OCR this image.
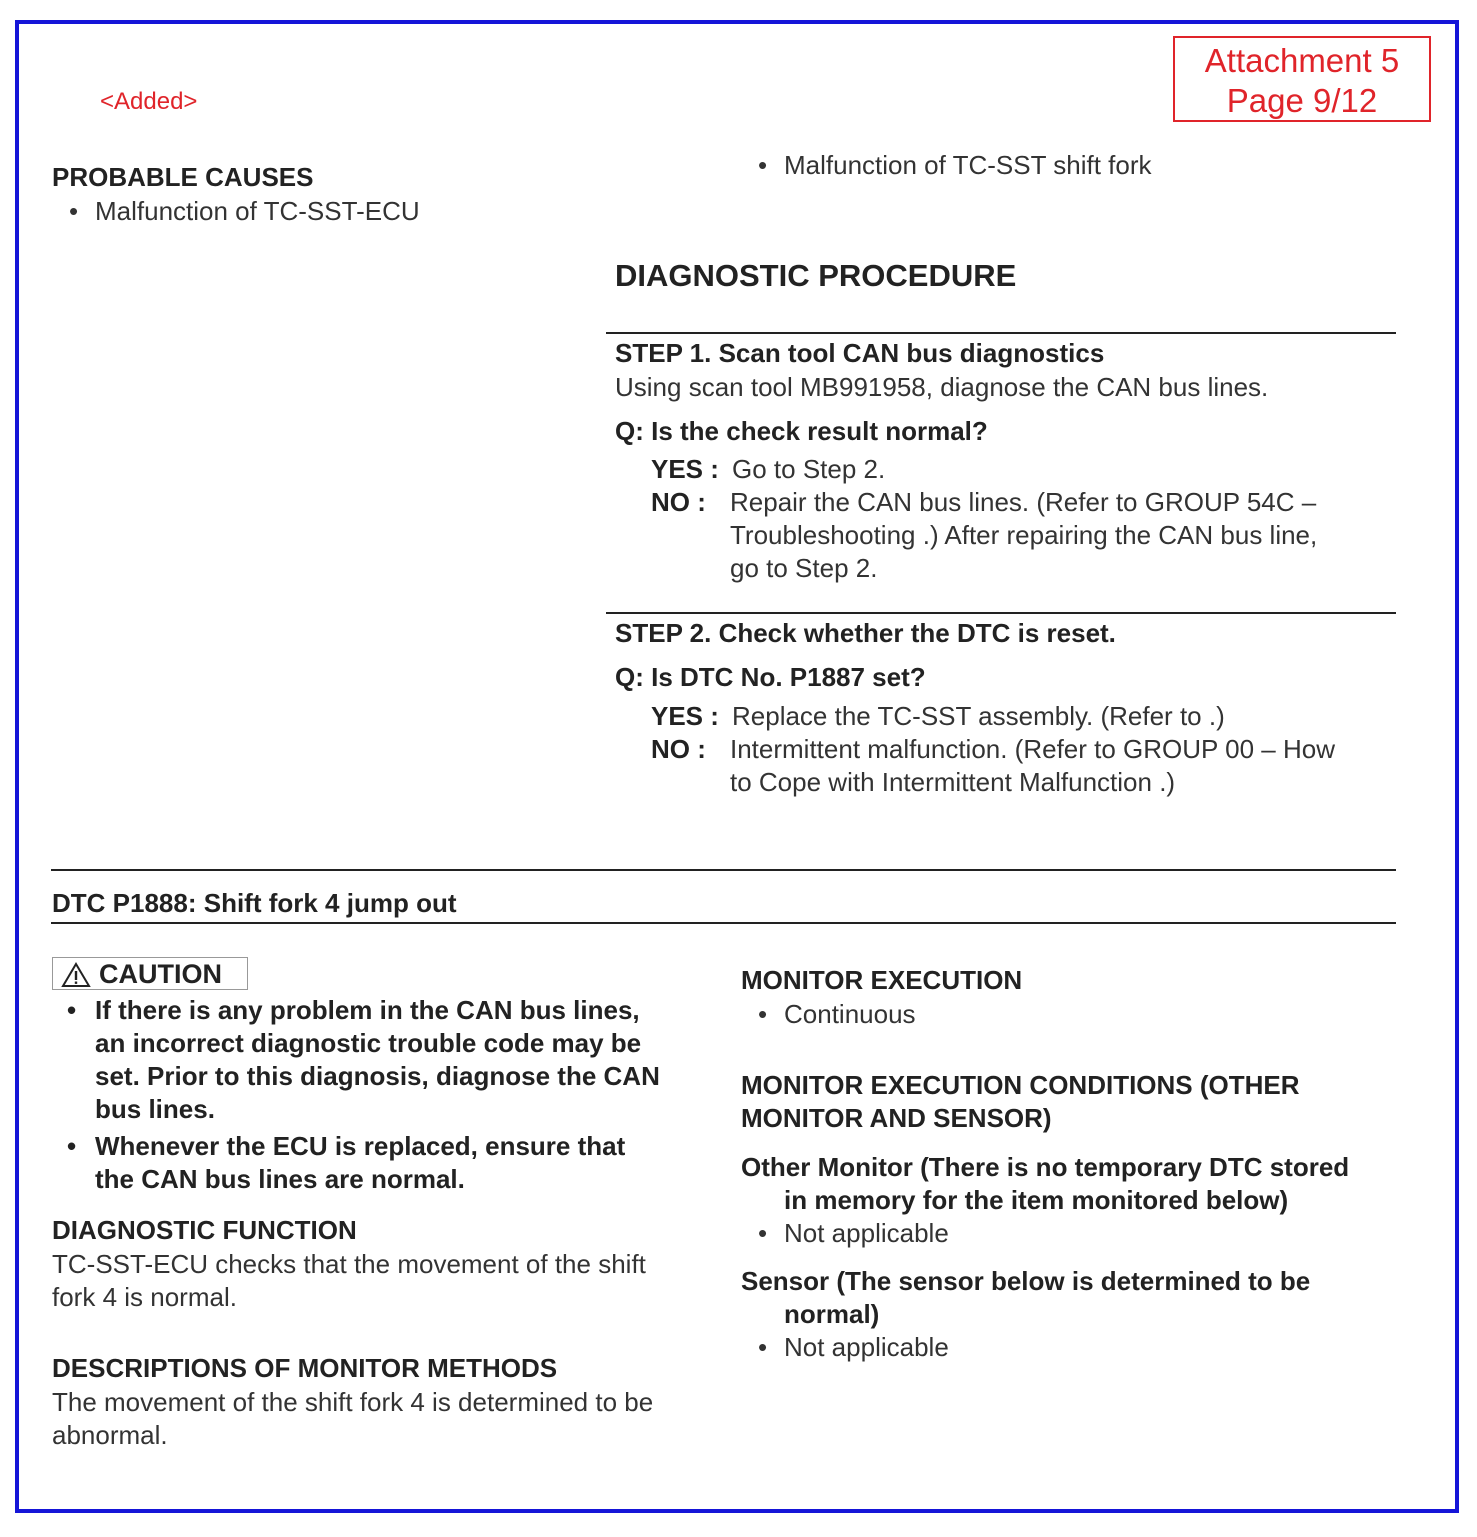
Attachment 5
Page 9/12
<Added>
PROBABLE CAUSES
• Malfunction of TC-SST-ECU
• Malfunction of TC-SST shift fork
DIAGNOSTIC PROCEDURE
STEP 1. Scan tool CAN bus diagnostics
Using scan tool MB991958, diagnose the CAN bus lines.
Q: Is the check result normal?
YES : Go to Step 2.
NO : Repair the CAN bus lines. (Refer to GROUP 54C –
Troubleshooting .) After repairing the CAN bus line,
go to Step 2.
STEP 2. Check whether the DTC is reset.
Q: Is DTC No. P1887 set?
YES : Replace the TC-SST assembly. (Refer to .)
NO : Intermittent malfunction. (Refer to GROUP 00 – How
to Cope with Intermittent Malfunction .)
DTC P1888: Shift fork 4 jump out
CAUTION
• If there is any problem in the CAN bus lines,
an incorrect diagnostic trouble code may be
set. Prior to this diagnosis, diagnose the CAN
bus lines.
• Whenever the ECU is replaced, ensure that
the CAN bus lines are normal.
DIAGNOSTIC FUNCTION
TC-SST-ECU checks that the movement of the shift
fork 4 is normal.
DESCRIPTIONS OF MONITOR METHODS
The movement of the shift fork 4 is determined to be
abnormal.
MONITOR EXECUTION
• Continuous
MONITOR EXECUTION CONDITIONS (OTHER
MONITOR AND SENSOR)
Other Monitor (There is no temporary DTC stored
in memory for the item monitored below)
• Not applicable
Sensor (The sensor below is determined to be
normal)
• Not applicable
